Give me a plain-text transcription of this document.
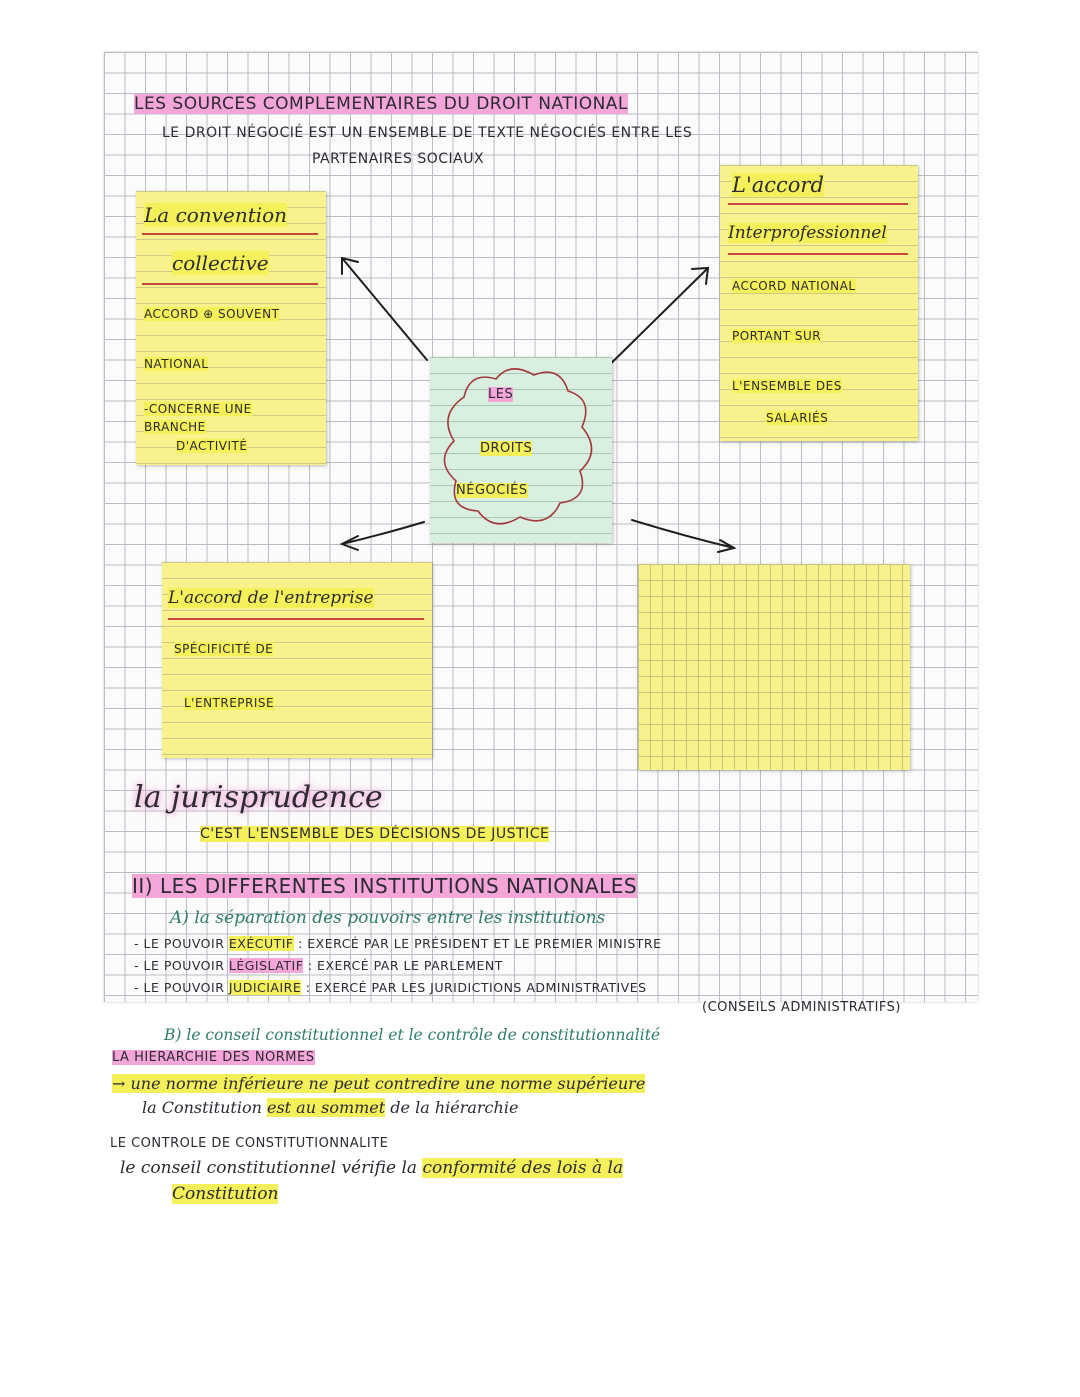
LES SOURCES COMPLEMENTAIRES DU DROIT NATIONAL
LE DROIT NÉGOCIÉ EST UN ENSEMBLE DE TEXTE NÉGOCIÉS ENTRE LES
PARTENAIRES SOCIAUX
La convention
collective
ACCORD ⊕ SOUVENT
NATIONAL
-CONCERNE UNE
BRANCHE
D'ACTIVITÉ
L'accord
Interprofessionnel
ACCORD NATIONAL
PORTANT SUR
L'ENSEMBLE DES
SALARIÉS
LES
DROITS
NÉGOCIÉS
L'accord de l'entreprise
SPÉCIFICITÉ DE
L'ENTREPRISE
la jurisprudence
C'EST L'ENSEMBLE DES DÉCISIONS DE JUSTICE
II) LES DIFFERENTES INSTITUTIONS NATIONALES
A) la séparation des pouvoirs entre les institutions
- LE POUVOIR EXÉCUTIF : EXERCÉ PAR LE PRÉSIDENT ET LE PREMIER MINISTRE
- LE POUVOIR LÉGISLATIF : EXERCÉ PAR LE PARLEMENT
- LE POUVOIR JUDICIAIRE : EXERCÉ PAR LES JURIDICTIONS ADMINISTRATIVES
(CONSEILS ADMINISTRATIFS)
B) le conseil constitutionnel et le contrôle de constitutionnalité
LA HIERARCHIE DES NORMES
→ une norme inférieure ne peut contredire une norme supérieure
la Constitution est au sommet de la hiérarchie
LE CONTROLE DE CONSTITUTIONNALITE
le conseil constitutionnel vérifie la conformité des lois à la
Constitution
